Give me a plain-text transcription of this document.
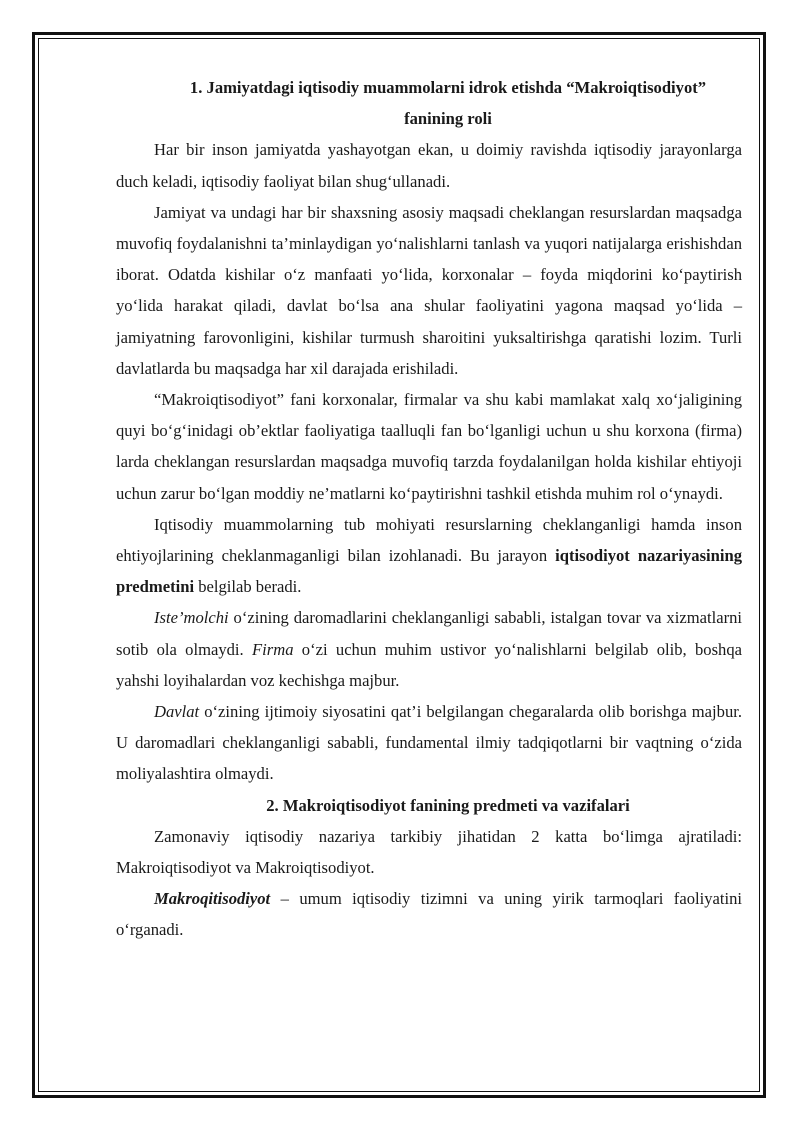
1. Jamiyatdagi iqtisodiy muammolarni idrok etishda “Makroiqtisodiyot”
fanining roli

Har bir inson jamiyatda yashayotgan ekan, u doimiy ravishda iqtisodiy jarayonlarga duch keladi, iqtisodiy faoliyat bilan shug‘ullanadi.

Jamiyat va undagi har bir shaxsning asosiy maqsadi cheklangan resurslardan maqsadga muvofiq foydalanishni ta’minlaydigan yo‘nalishlarni tanlash va yuqori natijalarga erishishdan iborat. Odatda kishilar o‘z manfaati yo‘lida, korxonalar – foyda miqdorini ko‘paytirish yo‘lida harakat qiladi, davlat bo‘lsa ana shular faoliyatini yagona maqsad yo‘lida – jamiyatning farovonligini, kishilar turmush sharoitini yuksaltirishga qaratishi lozim. Turli davlatlarda bu maqsadga har xil darajada erishiladi.

“Makroiqtisodiyot” fani korxonalar, firmalar va shu kabi mamlakat xalq xo‘jaligining quyi bo‘g‘inidagi ob’ektlar faoliyatiga taalluqli fan bo‘lganligi uchun u shu korxona (firma) larda cheklangan resurslardan maqsadga muvofiq tarzda foydalanilgan holda kishilar ehtiyoji uchun zarur bo‘lgan moddiy ne’matlarni ko‘paytirishni tashkil etishda muhim rol o‘ynaydi.

Iqtisodiy muammolarning tub mohiyati resurslarning cheklanganligi hamda inson ehtiyojlarining cheklanmaganligi bilan izohlanadi. Bu jarayon iqtisodiyot nazariyasining predmetini belgilab beradi.

Iste’molchi o‘zining daromadlarini cheklanganligi sababli, istalgan tovar va xizmatlarni sotib ola olmaydi. Firma o‘zi uchun muhim ustivor yo‘nalishlarni belgilab olib, boshqa yahshi loyihalardan voz kechishga majbur.

Davlat o‘zining ijtimoiy siyosatini qat’i belgilangan chegaralarda olib borishga majbur. U daromadlari cheklanganligi sababli, fundamental ilmiy tadqiqotlarni bir vaqtning o‘zida moliyalashtira olmaydi.

2. Makroiqtisodiyot fanining predmeti va vazifalari

Zamonaviy iqtisodiy nazariya tarkibiy jihatidan 2 katta bo‘limga ajratiladi: Makroiqtisodiyot va Makroiqtisodiyot.

Makroqitisodiyot – umum iqtisodiy tizimni va uning yirik tarmoqlari faoliyatini o‘rganadi.
